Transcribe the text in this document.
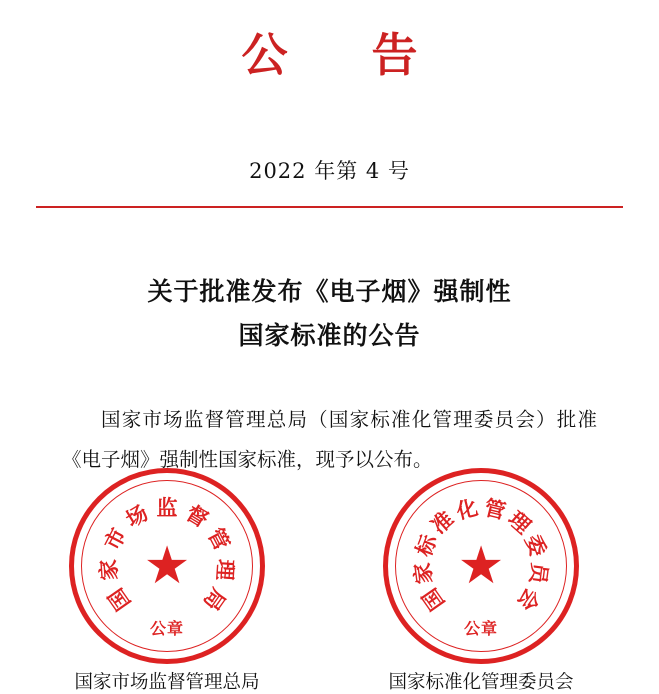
公 告
2022 年第 4 号
关于批准发布《电子烟》强制性
国家标准的公告
国家市场监督管理总局（国家标准化管理委员会）批准《电子烟》强制性国家标准，现予以公布。
国
家
市
场 监 督
管
理
局
★
公章
国家市场监督管理总局
国
家
标
准
化 管
理
委
员
会
★
公章
国家标准化管理委员会
